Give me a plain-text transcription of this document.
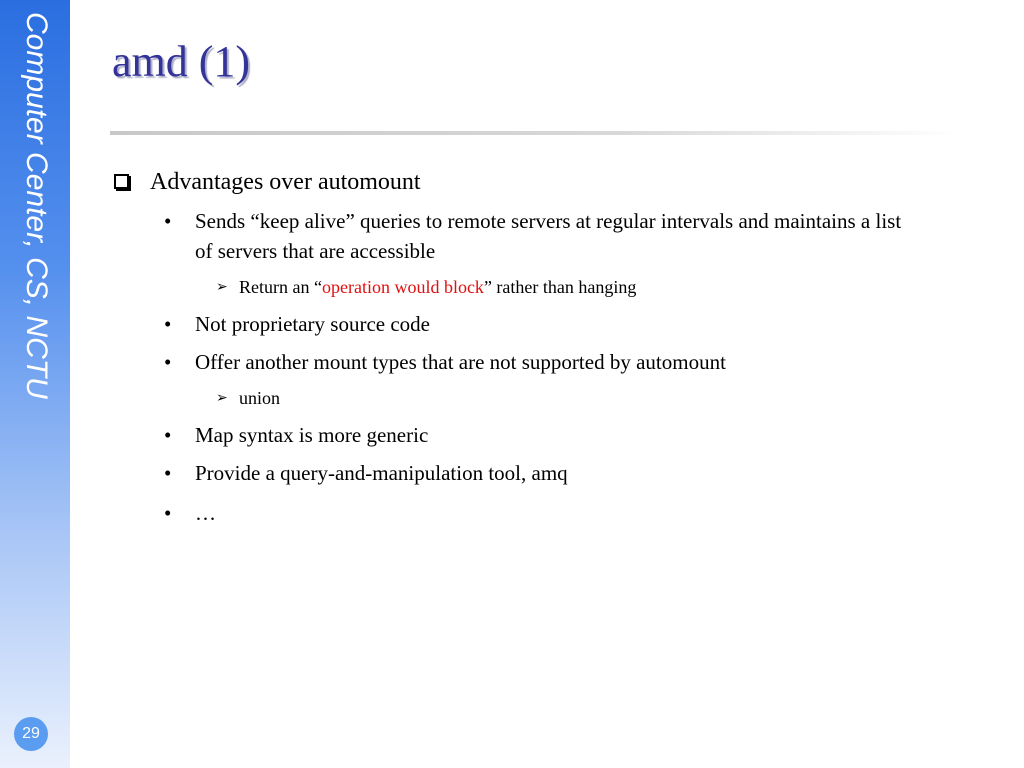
Computer Center, CS, NCTU
29
amd (1)
Advantages over automount
• Sends “keep alive” queries to remote servers at regular intervals and maintains a list of servers that are accessible
➢ Return an “operation would block” rather than hanging
• Not proprietary source code
• Offer another mount types that are not supported by automount
➢ union
• Map syntax is more generic
• Provide a query-and-manipulation tool, amq
• …
